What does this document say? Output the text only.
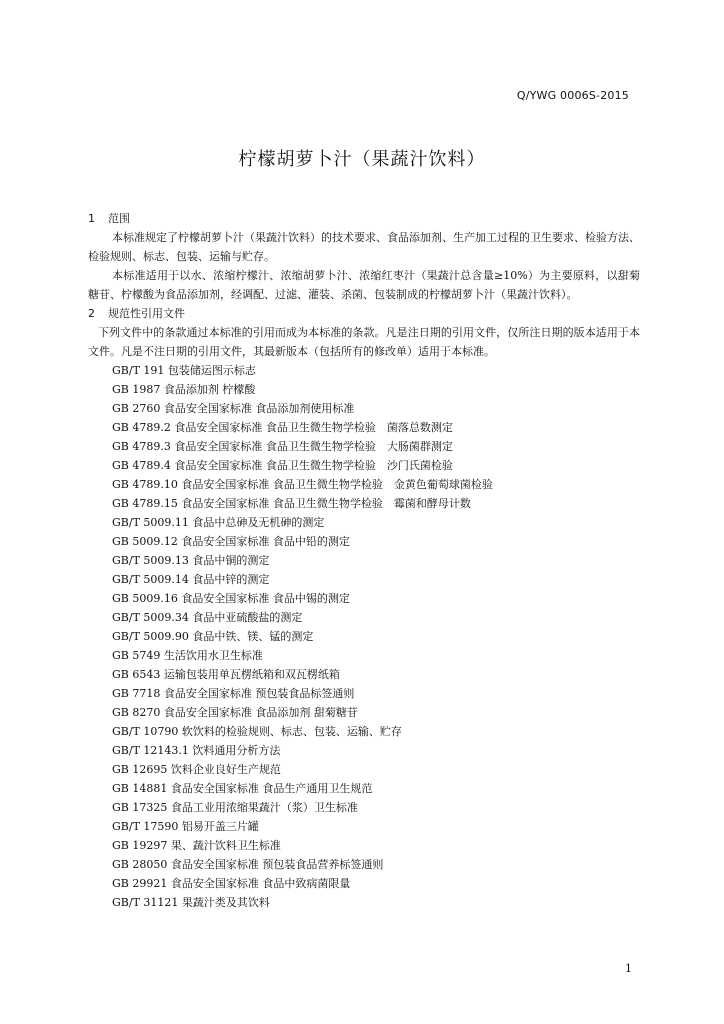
Q/YWG 0006S-2015
柠檬胡萝卜汁（果蔬汁饮料）
1 范围

本标准规定了柠檬胡萝卜汁（果蔬汁饮料）的技术要求、食品添加剂、生产加工过程的卫生要求、检验方法、检验规则、标志、包装、运输与贮存。

本标准适用于以水、浓缩柠檬汁、浓缩胡萝卜汁、浓缩红枣汁（果蔬汁总含量≥10%）为主要原料，以甜菊糖苷、柠檬酸为食品添加剂，经调配、过滤、灌装、杀菌、包装制成的柠檬胡萝卜汁（果蔬汁饮料）。

2 规范性引用文件

下列文件中的条款通过本标准的引用而成为本标准的条款。凡是注日期的引用文件，仅所注日期的版本适用于本文件。凡是不注日期的引用文件，其最新版本（包括所有的修改单）适用于本标准。

GB/T 191 包装储运图示标志
GB 1987 食品添加剂 柠檬酸
GB 2760 食品安全国家标准 食品添加剂使用标准
GB 4789.2 食品安全国家标准 食品卫生微生物学检验　菌落总数测定
GB 4789.3 食品安全国家标准 食品卫生微生物学检验　大肠菌群测定
GB 4789.4 食品安全国家标准 食品卫生微生物学检验　沙门氏菌检验
GB 4789.10 食品安全国家标准 食品卫生微生物学检验　金黄色葡萄球菌检验
GB 4789.15 食品安全国家标准 食品卫生微生物学检验　霉菌和酵母计数
GB/T 5009.11 食品中总砷及无机砷的测定
GB 5009.12 食品安全国家标准 食品中铅的测定
GB/T 5009.13 食品中铜的测定
GB/T 5009.14 食品中锌的测定
GB 5009.16 食品安全国家标准 食品中锡的测定
GB/T 5009.34 食品中亚硫酸盐的测定
GB/T 5009.90 食品中铁、镁、锰的测定
GB 5749 生活饮用水卫生标准
GB 6543 运输包装用单瓦楞纸箱和双瓦楞纸箱
GB 7718 食品安全国家标准 预包装食品标签通则
GB 8270 食品安全国家标准 食品添加剂 甜菊糖苷
GB/T 10790 软饮料的检验规则、标志、包装、运输、贮存
GB/T 12143.1 饮料通用分析方法
GB 12695 饮料企业良好生产规范
GB 14881 食品安全国家标准 食品生产通用卫生规范
GB 17325 食品工业用浓缩果蔬汁（浆）卫生标准
GB/T 17590 铝易开盖三片罐
GB 19297 果、蔬汁饮料卫生标准
GB 28050 食品安全国家标准 预包装食品营养标签通则
GB 29921 食品安全国家标准 食品中致病菌限量
GB/T 31121 果蔬汁类及其饮料
1
